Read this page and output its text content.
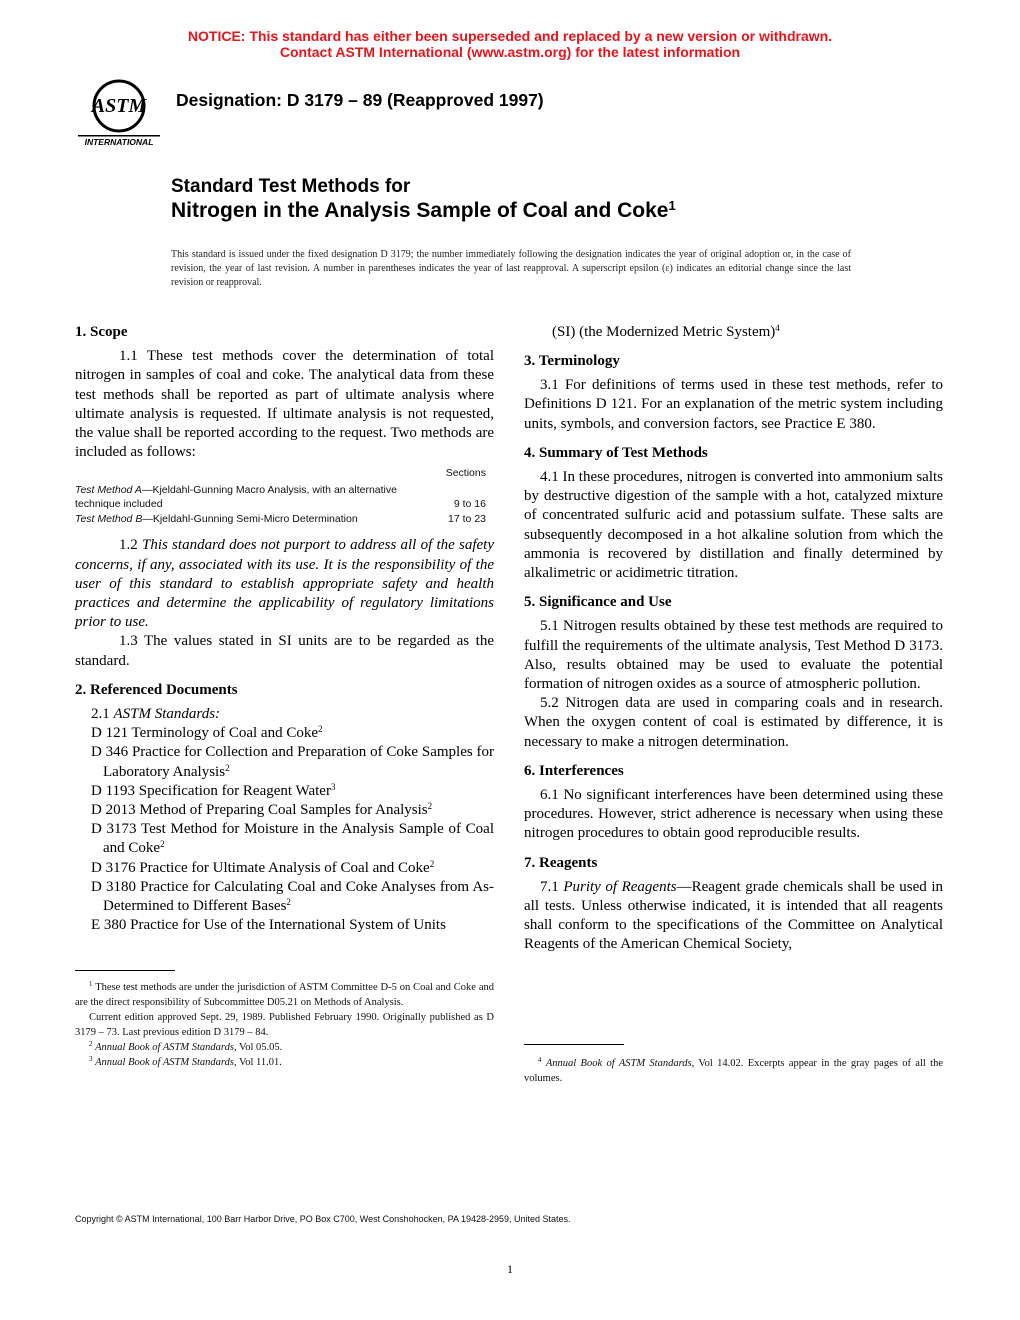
NOTICE: This standard has either been superseded and replaced by a new version or withdrawn.
Contact ASTM International (www.astm.org) for the latest information
ASTM
INTERNATIONAL
Designation: D 3179 – 89 (Reapproved 1997)
Standard Test Methods for
Nitrogen in the Analysis Sample of Coal and Coke$^1$
This standard is issued under the fixed designation D 3179; the number immediately following the designation indicates the year of original adoption or, in the case of revision, the year of last revision. A number in parentheses indicates the year of last reapproval. A superscript epsilon (ε) indicates an editorial change since the last revision or reapproval.

1. Scope

1.1 These test methods cover the determination of total nitrogen in samples of coal and coke. The analytical data from these test methods shall be reported as part of ultimate analysis where ultimate analysis is requested. If ultimate analysis is not requested, the value shall be reported according to the request. Two methods are included as follows:

Sections
Test Method A—Kjeldahl-Gunning Macro Analysis, with an alternative technique included	9 to 16
Test Method B—Kjeldahl-Gunning Semi-Micro Determination	17 to 23

1.2 This standard does not purport to address all of the safety concerns, if any, associated with its use. It is the responsibility of the user of this standard to establish appropriate safety and health practices and determine the applicability of regulatory limitations prior to use.

1.3 The values stated in SI units are to be regarded as the standard.

2. Referenced Documents

2.1 ASTM Standards:

D 121 Terminology of Coal and Coke$^2$

D 346 Practice for Collection and Preparation of Coke Samples for Laboratory Analysis$^2$

D 1193 Specification for Reagent Water$^3$

D 2013 Method of Preparing Coal Samples for Analysis$^2$

D 3173 Test Method for Moisture in the Analysis Sample of Coal and Coke$^2$

D 3176 Practice for Ultimate Analysis of Coal and Coke$^2$

D 3180 Practice for Calculating Coal and Coke Analyses from As-Determined to Different Bases$^2$

E 380 Practice for Use of the International System of Units

$^1$ These test methods are under the jurisdiction of ASTM Committee D-5 on Coal and Coke and are the direct responsibility of Subcommittee D05.21 on Methods of Analysis.

Current edition approved Sept. 29, 1989. Published February 1990. Originally published as D 3179 – 73. Last previous edition D 3179 – 84.

$^2$ Annual Book of ASTM Standards, Vol 05.05.

$^3$ Annual Book of ASTM Standards, Vol 11.01.

(SI) (the Modernized Metric System)$^4$

3. Terminology

3.1 For definitions of terms used in these test methods, refer to Definitions D 121. For an explanation of the metric system including units, symbols, and conversion factors, see Practice E 380.

4. Summary of Test Methods

4.1 In these procedures, nitrogen is converted into ammonium salts by destructive digestion of the sample with a hot, catalyzed mixture of concentrated sulfuric acid and potassium sulfate. These salts are subsequently decomposed in a hot alkaline solution from which the ammonia is recovered by distillation and finally determined by alkalimetric or acidimetric titration.

5. Significance and Use

5.1 Nitrogen results obtained by these test methods are required to fulfill the requirements of the ultimate analysis, Test Method D 3173. Also, results obtained may be used to evaluate the potential formation of nitrogen oxides as a source of atmospheric pollution.

5.2 Nitrogen data are used in comparing coals and in research. When the oxygen content of coal is estimated by difference, it is necessary to make a nitrogen determination.

6. Interferences

6.1 No significant interferences have been determined using these procedures. However, strict adherence is necessary when using these nitrogen procedures to obtain good reproducible results.

7. Reagents

7.1 Purity of Reagents—Reagent grade chemicals shall be used in all tests. Unless otherwise indicated, it is intended that all reagents shall conform to the specifications of the Committee on Analytical Reagents of the American Chemical Society,

$^4$ Annual Book of ASTM Standards, Vol 14.02. Excerpts appear in the gray pages of all the volumes.

Copyright © ASTM International, 100 Barr Harbor Drive, PO Box C700, West Conshohocken, PA 19428-2959, United States.
1
